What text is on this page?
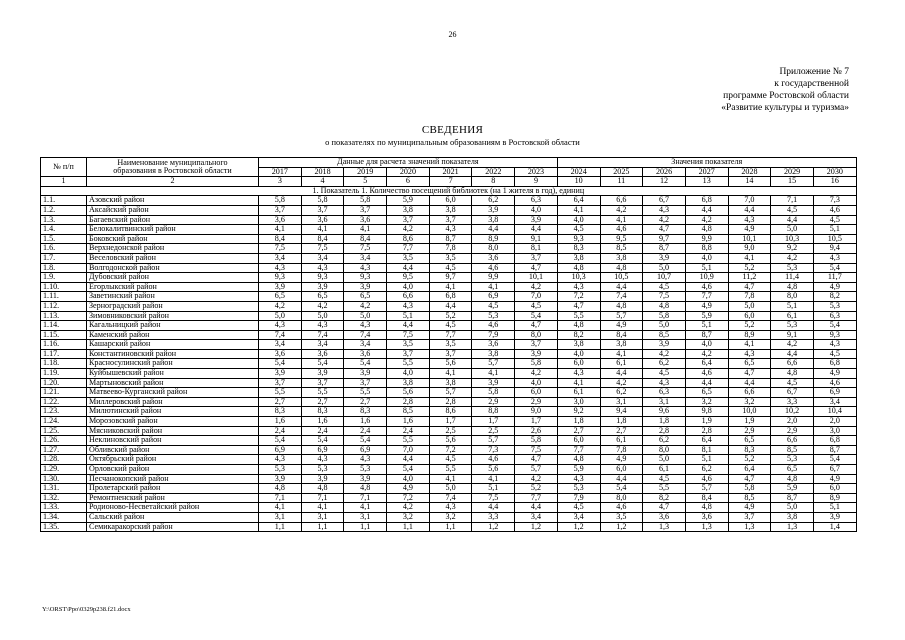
26
Приложение № 7
к государственной
программе Ростовской области
«Развитие культуры и туризма»
СВЕДЕНИЯ
о показателях по муниципальным образованиям в Ростовской области
№ п/п	Наименование муниципального
образования в Ростовской области	Данные для расчета значений показателя							Значения показателя						
		2017	2018	2019	2020	2021	2022	2023	2024	2025	2026	2027	2028	2029	2030
1	2	3	4	5	6	7	8	9	10	11	12	13	14	15	16
1. Показатель 1. Количество посещений библиотек (на 1 жителя в год), единиц															
1.1.	Азовский район	5,8	5,8	5,8	5,9	6,0	6,2	6,3	6,4	6,6	6,7	6,8	7,0	7,1	7,3
1.2.	Аксайский район	3,7	3,7	3,7	3,8	3,8	3,9	4,0	4,1	4,2	4,3	4,4	4,4	4,5	4,6
1.3.	Багаевский район	3,6	3,6	3,6	3,7	3,7	3,8	3,9	4,0	4,1	4,2	4,2	4,3	4,4	4,5
1.4.	Белокалитвинский район	4,1	4,1	4,1	4,2	4,3	4,4	4,4	4,5	4,6	4,7	4,8	4,9	5,0	5,1
1.5.	Боковский район	8,4	8,4	8,4	8,6	8,7	8,9	9,1	9,3	9,5	9,7	9,9	10,1	10,3	10,5
1.6.	Верхнедонской район	7,5	7,5	7,5	7,7	7,8	8,0	8,1	8,3	8,5	8,7	8,8	9,0	9,2	9,4
1.7.	Веселовский район	3,4	3,4	3,4	3,5	3,5	3,6	3,7	3,8	3,8	3,9	4,0	4,1	4,2	4,3
1.8.	Волгодонской район	4,3	4,3	4,3	4,4	4,5	4,6	4,7	4,8	4,8	5,0	5,1	5,2	5,3	5,4
1.9.	Дубовский район	9,3	9,3	9,3	9,5	9,7	9,9	10,1	10,3	10,5	10,7	10,9	11,2	11,4	11,7
1.10.	Егорлыкский район	3,9	3,9	3,9	4,0	4,1	4,1	4,2	4,3	4,4	4,5	4,6	4,7	4,8	4,9
1.11.	Заветинский район	6,5	6,5	6,5	6,6	6,8	6,9	7,0	7,2	7,4	7,5	7,7	7,8	8,0	8,2
1.12.	Зерноградский район	4,2	4,2	4,2	4,3	4,4	4,5	4,5	4,7	4,8	4,8	4,9	5,0	5,1	5,3
1.13.	Зимовниковский район	5,0	5,0	5,0	5,1	5,2	5,3	5,4	5,5	5,7	5,8	5,9	6,0	6,1	6,3
1.14.	Кагальницкий район	4,3	4,3	4,3	4,4	4,5	4,6	4,7	4,8	4,9	5,0	5,1	5,2	5,3	5,4
1.15.	Каменский район	7,4	7,4	7,4	7,5	7,7	7,9	8,0	8,2	8,4	8,5	8,7	8,9	9,1	9,3
1.16.	Кашарский район	3,4	3,4	3,4	3,5	3,5	3,6	3,7	3,8	3,8	3,9	4,0	4,1	4,2	4,3
1.17.	Константиновский район	3,6	3,6	3,6	3,7	3,7	3,8	3,9	4,0	4,1	4,2	4,2	4,3	4,4	4,5
1.18.	Красносулинский район	5,4	5,4	5,4	5,5	5,6	5,7	5,8	6,0	6,1	6,2	6,4	6,5	6,6	6,8
1.19.	Куйбышевский район	3,9	3,9	3,9	4,0	4,1	4,1	4,2	4,3	4,4	4,5	4,6	4,7	4,8	4,9
1.20.	Мартыновский район	3,7	3,7	3,7	3,8	3,8	3,9	4,0	4,1	4,2	4,3	4,4	4,4	4,5	4,6
1.21.	Матвеево-Курганский район	5,5	5,5	5,5	5,6	5,7	5,8	6,0	6,1	6,2	6,3	6,5	6,6	6,7	6,9
1.22.	Миллеровский район	2,7	2,7	2,7	2,8	2,8	2,9	2,9	3,0	3,1	3,1	3,2	3,2	3,3	3,4
1.23.	Милютинский район	8,3	8,3	8,3	8,5	8,6	8,8	9,0	9,2	9,4	9,6	9,8	10,0	10,2	10,4
1.24.	Морозовский район	1,6	1,6	1,6	1,6	1,7	1,7	1,7	1,8	1,8	1,8	1,9	1,9	2,0	2,0
1.25.	Мясниковский район	2,4	2,4	2,4	2,4	2,5	2,5	2,6	2,7	2,7	2,8	2,8	2,9	2,9	3,0
1.26.	Неклиновский район	5,4	5,4	5,4	5,5	5,6	5,7	5,8	6,0	6,1	6,2	6,4	6,5	6,6	6,8
1.27.	Обливский район	6,9	6,9	6,9	7,0	7,2	7,3	7,5	7,7	7,8	8,0	8,1	8,3	8,5	8,7
1.28.	Октябрьский район	4,3	4,3	4,3	4,4	4,5	4,6	4,7	4,8	4,9	5,0	5,1	5,2	5,3	5,4
1.29.	Орловский район	5,3	5,3	5,3	5,4	5,5	5,6	5,7	5,9	6,0	6,1	6,2	6,4	6,5	6,7
1.30.	Песчанокопский район	3,9	3,9	3,9	4,0	4,1	4,1	4,2	4,3	4,4	4,5	4,6	4,7	4,8	4,9
1.31.	Пролетарский район	4,8	4,8	4,8	4,9	5,0	5,1	5,2	5,3	5,4	5,5	5,7	5,8	5,9	6,0
1.32.	Ремонтненский район	7,1	7,1	7,1	7,2	7,4	7,5	7,7	7,9	8,0	8,2	8,4	8,5	8,7	8,9
1.33.	Родионово-Несветайский район	4,1	4,1	4,1	4,2	4,3	4,4	4,4	4,5	4,6	4,7	4,8	4,9	5,0	5,1
1.34.	Сальский район	3,1	3,1	3,1	3,2	3,2	3,3	3,4	3,4	3,5	3,6	3,6	3,7	3,8	3,9
1.35.	Семикаракорский район	1,1	1,1	1,1	1,1	1,1	1,2	1,2	1,2	1,2	1,3	1,3	1,3	1,3	1,4
Y:\ORST\Ppo\0329p238.f21.docx
